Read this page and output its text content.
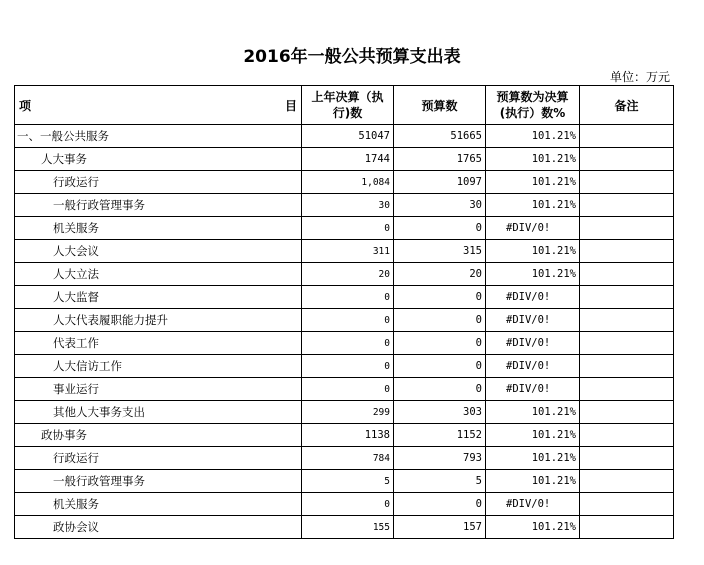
2016年一般公共预算支出表
单位：万元
项 目	上年决算（执行)数	预算数	预算数为决算(执行）数%	备注
一、一般公共服务	51047	51665	101.21%	
人大事务	1744	1765	101.21%	
行政运行	1,084	1097	101.21%	
一般行政管理事务	30	30	101.21%	
机关服务	0	0	#DIV/0!	
人大会议	311	315	101.21%	
人大立法	20	20	101.21%	
人大监督	0	0	#DIV/0!	
人大代表履职能力提升	0	0	#DIV/0!	
代表工作	0	0	#DIV/0!	
人大信访工作	0	0	#DIV/0!	
事业运行	0	0	#DIV/0!	
其他人大事务支出	299	303	101.21%	
政协事务	1138	1152	101.21%	
行政运行	784	793	101.21%	
一般行政管理事务	5	5	101.21%	
机关服务	0	0	#DIV/0!	
政协会议	155	157	101.21%	
